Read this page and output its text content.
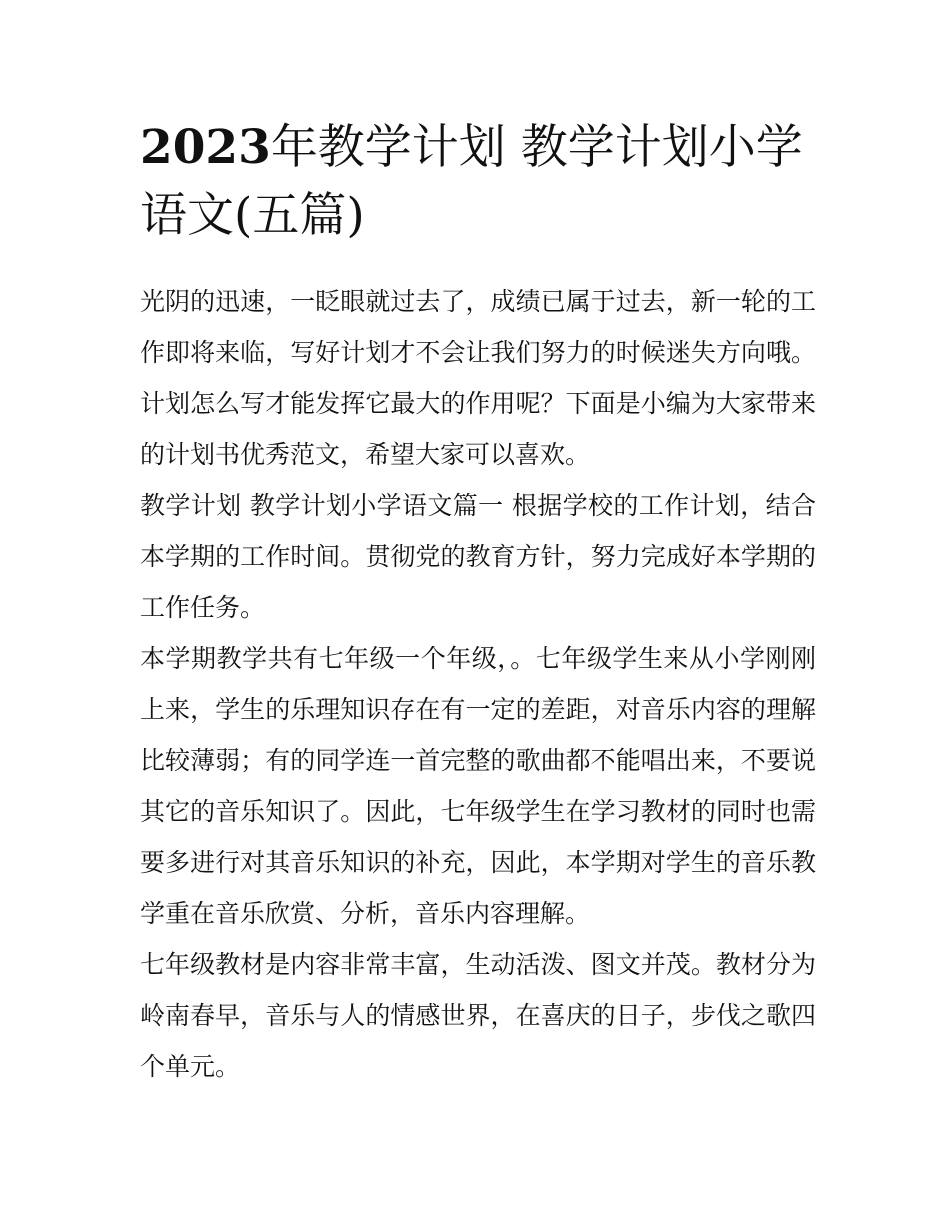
2023年教学计划 教学计划小学语文(五篇)

光阴的迅速，一眨眼就过去了，成绩已属于过去，新一轮的工作即将来临，写好计划才不会让我们努力的时候迷失方向哦。计划怎么写才能发挥它最大的作用呢？下面是小编为大家带来的计划书优秀范文，希望大家可以喜欢。

教学计划 教学计划小学语文篇一 根据学校的工作计划，结合本学期的工作时间。贯彻党的教育方针，努力完成好本学期的工作任务。

本学期教学共有七年级一个年级，。七年级学生来从小学刚刚上来，学生的乐理知识存在有一定的差距，对音乐内容的理解比较薄弱；有的同学连一首完整的歌曲都不能唱出来，不要说其它的音乐知识了。因此，七年级学生在学习教材的同时也需要多进行对其音乐知识的补充，因此，本学期对学生的音乐教学重在音乐欣赏、分析，音乐内容理解。

七年级教材是内容非常丰富，生动活泼、图文并茂。教材分为岭南春早，音乐与人的情感世界，在喜庆的日子，步伐之歌四个单元。
